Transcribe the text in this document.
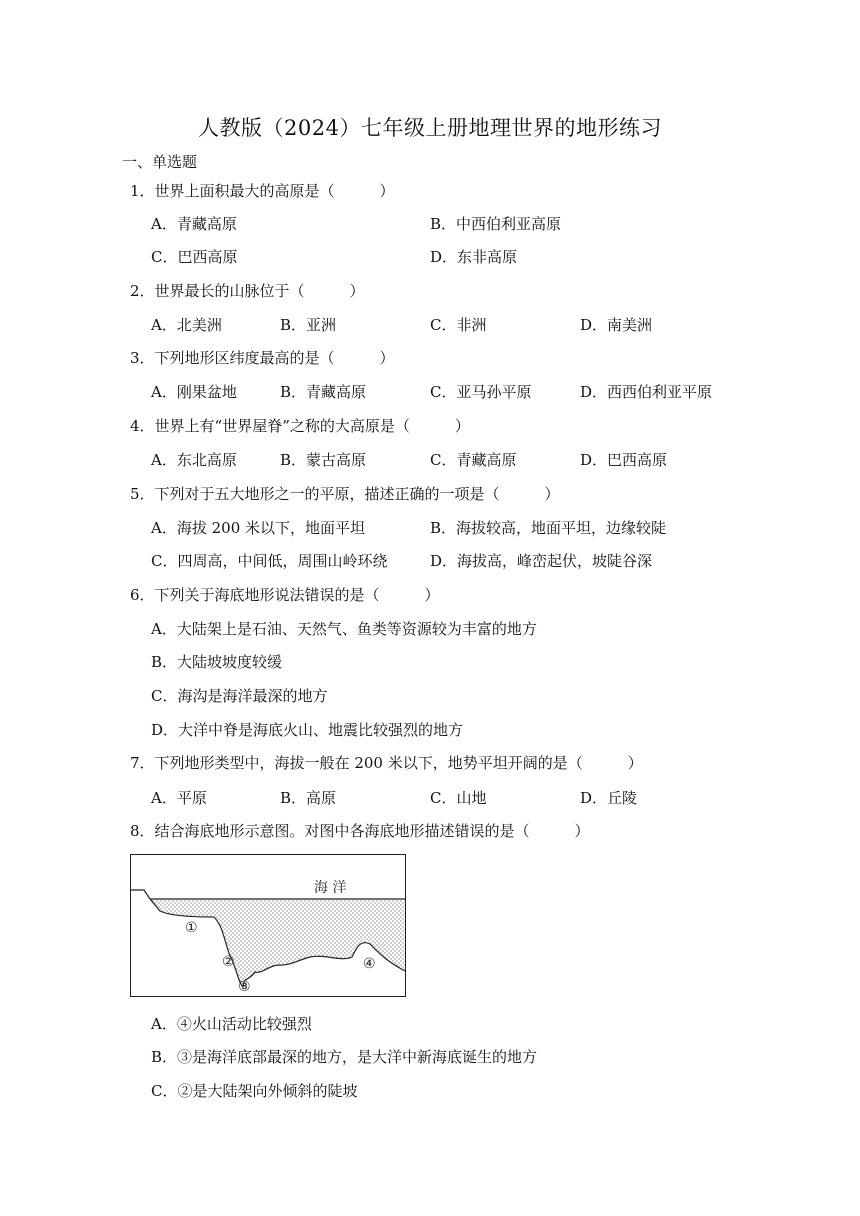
人教版（2024）七年级上册地理世界的地形练习
一、单选题
1．世界上面积最大的高原是（　　　）
A．青藏高原	B．中西伯利亚高原
C．巴西高原	D．东非高原
2．世界最长的山脉位于（　　　）
A．北美洲	B．亚洲	C．非洲	D．南美洲
3．下列地形区纬度最高的是（　　　）
A．刚果盆地	B．青藏高原	C．亚马孙平原	D．西西伯利亚平原
4．世界上有“世界屋脊”之称的大高原是（　　　）
A．东北高原	B．蒙古高原	C．青藏高原	D．巴西高原
5．下列对于五大地形之一的平原，描述正确的一项是（　　　）
A．海拔 200 米以下，地面平坦	B．海拔较高，地面平坦，边缘较陡
C．四周高，中间低，周围山岭环绕	D．海拔高，峰峦起伏，坡陡谷深
6．下列关于海底地形说法错误的是（　　　）
A．大陆架上是石油、天然气、鱼类等资源较为丰富的地方
B．大陆坡坡度较缓
C．海沟是海洋最深的地方
D．大洋中脊是海底火山、地震比较强烈的地方
7．下列地形类型中，海拔一般在 200 米以下，地势平坦开阔的是（　　　）
A．平原	B．高原	C．山地	D．丘陵
8．结合海底地形示意图。对图中各海底地形描述错误的是（　　　）
海 洋
①
②
③
④
A．④火山活动比较强烈
B．③是海洋底部最深的地方，是大洋中新海底诞生的地方
C．②是大陆架向外倾斜的陡坡
